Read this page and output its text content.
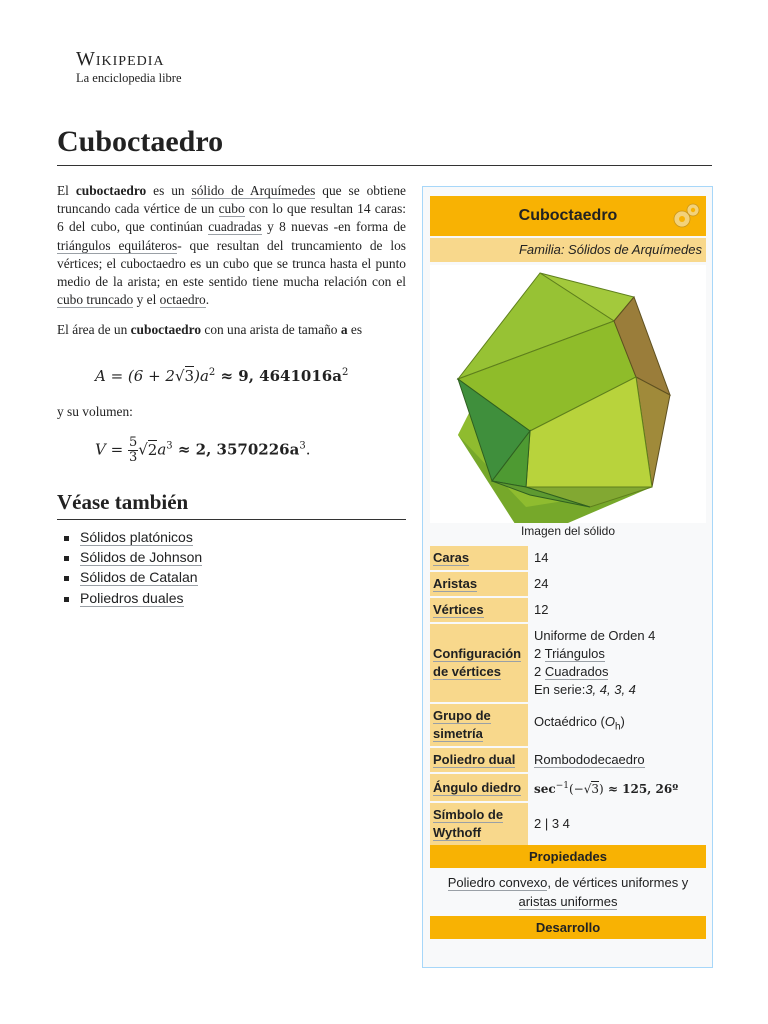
Wikipedia
La enciclopedia libre
Cuboctaedro

El cuboctaedro es un sólido de Arquímedes que se obtiene truncando cada vértice de un cubo con lo que resultan 14 caras: 6 del cubo, que continúan cuadradas y 8 nuevas -en forma de triángulos equiláteros- que resultan del truncamiento de los vértices; el cuboctaedro es un cubo que se trunca hasta el punto medio de la arista; en este sentido tiene mucha relación con el cubo truncado y el octaedro.

El área de un cuboctaedro con una arista de tamaño a es

$A = (6 + 2√3)a^2 \approx 9$, $4641016a^2$
y su volumen:
$V = \frac{5}{3} √2a^3 \approx 2$, $3570226a^3$.
Véase también
Sólidos platónicos
Sólidos de Johnson
Sólidos de Catalan
Poliedros duales
Cuboctaedro
Familia: Sólidos de Arquímedes
Imagen del sólido
Caras	14
Aristas	24
Vértices	12
Configuración de vértices	Uniforme de Orden 4
2 Triángulos
2 Cuadrados
En serie:3, 4, 3, 4

Grupo de simetría	Octaédrico $(O_h)$
Poliedro dual	Rombododecaedro
Ángulo diedro	$\sec^{-1}(-√3) \approx 125$, 26º
Símbolo de Wythoff	2 | 3 4
Propiedades
Poliedro convexo, de vértices uniformes y aristas uniformes
Desarrollo
